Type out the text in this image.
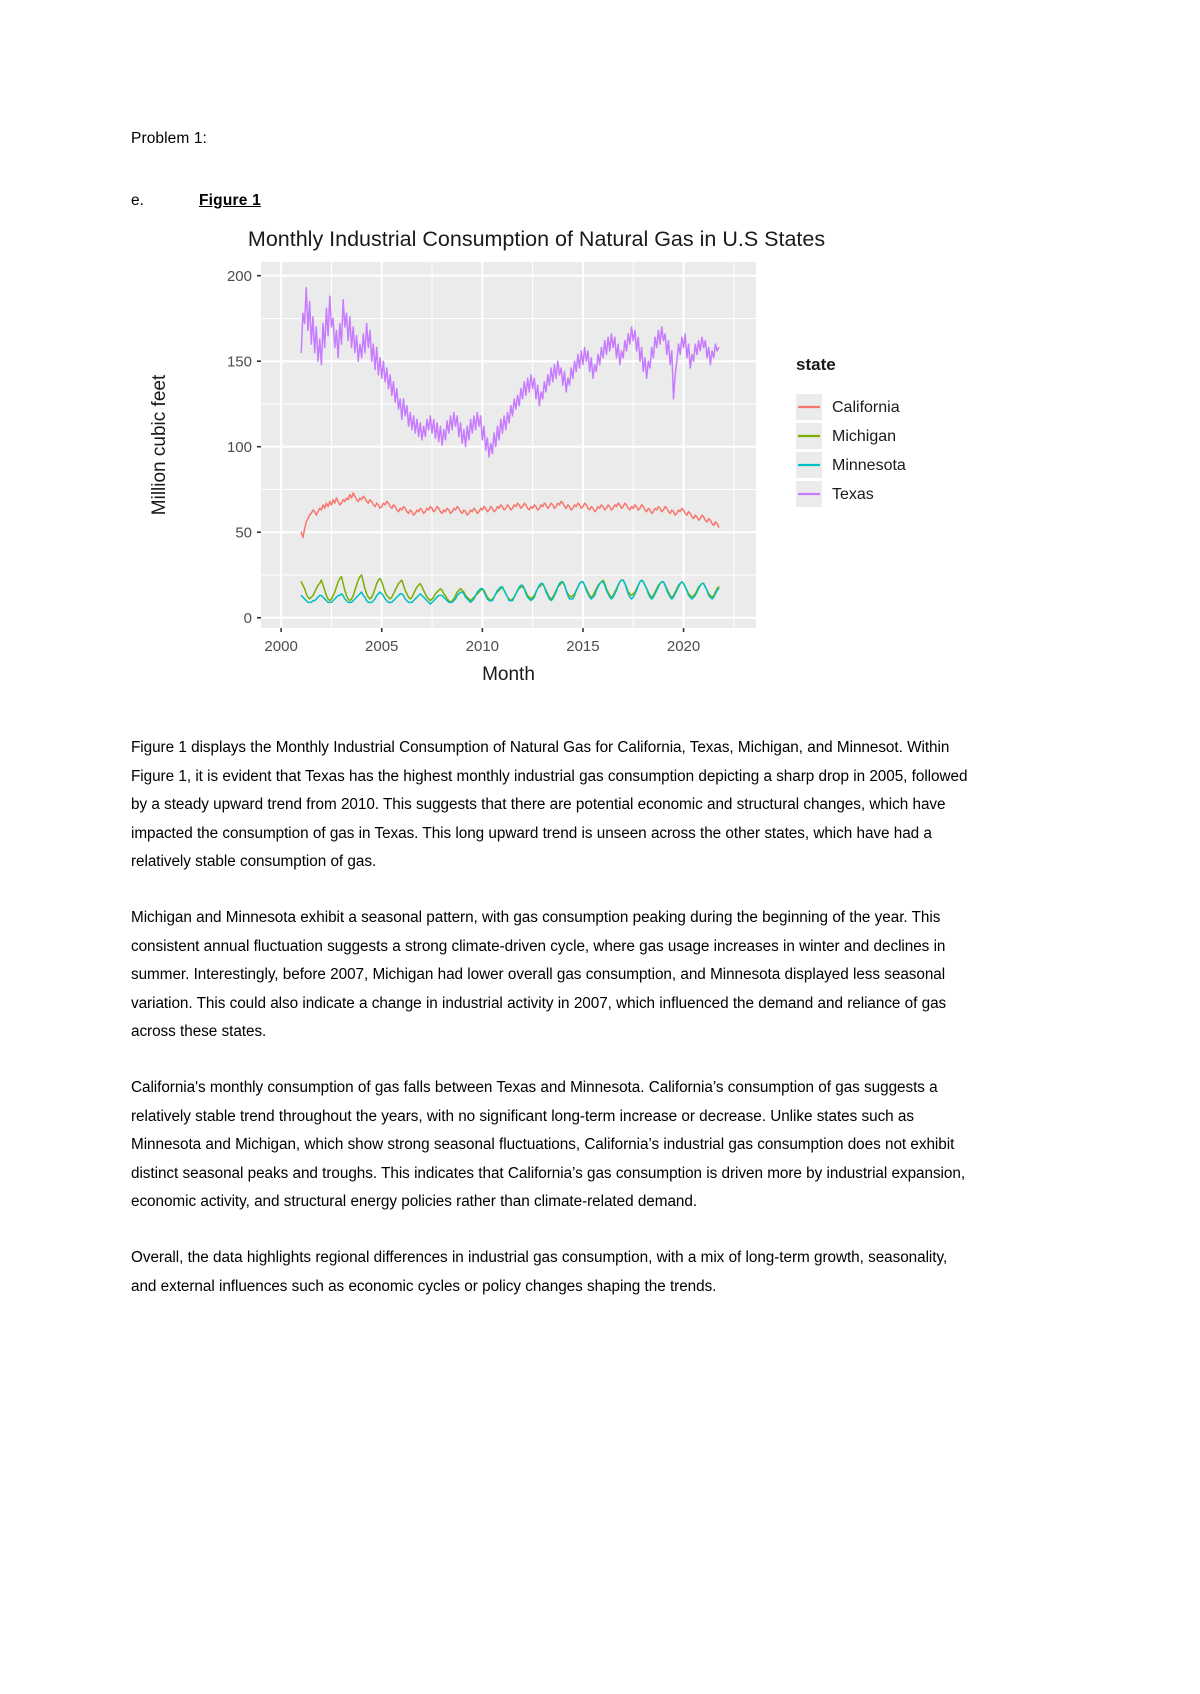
Problem 1:
e.	Figure 1
Monthly Industrial Consumption of Natural Gas in U.S States
0
50
100
150
200
2000	2005	2010	2015	2020
Month
Million cubic feet
state
California
Michigan
Minnesota
Texas

Figure 1 displays the Monthly Industrial Consumption of Natural Gas for California, Texas, Michigan, and Minnesot. Within Figure 1, it is evident that Texas has the highest monthly industrial gas consumption depicting a sharp drop in 2005, followed by a steady upward trend from 2010. This suggests that there are potential economic and structural changes, which have impacted the consumption of gas in Texas. This long upward trend is unseen across the other states, which have had a relatively stable consumption of gas.

Michigan and Minnesota exhibit a seasonal pattern, with gas consumption peaking during the beginning of the year. This consistent annual fluctuation suggests a strong climate-driven cycle, where gas usage increases in winter and declines in summer. Interestingly, before 2007, Michigan had lower overall gas consumption, and Minnesota displayed less seasonal variation. This could also indicate a change in industrial activity in 2007, which influenced the demand and reliance of gas across these states.

California's monthly consumption of gas falls between Texas and Minnesota. California’s consumption of gas suggests a relatively stable trend throughout the years, with no significant long-term increase or decrease. Unlike states such as Minnesota and Michigan, which show strong seasonal fluctuations, California’s industrial gas consumption does not exhibit distinct seasonal peaks and troughs. This indicates that California’s gas consumption is driven more by industrial expansion, economic activity, and structural energy policies rather than climate-related demand.

Overall, the data highlights regional differences in industrial gas consumption, with a mix of long-term growth, seasonality, and external influences such as economic cycles or policy changes shaping the trends.
